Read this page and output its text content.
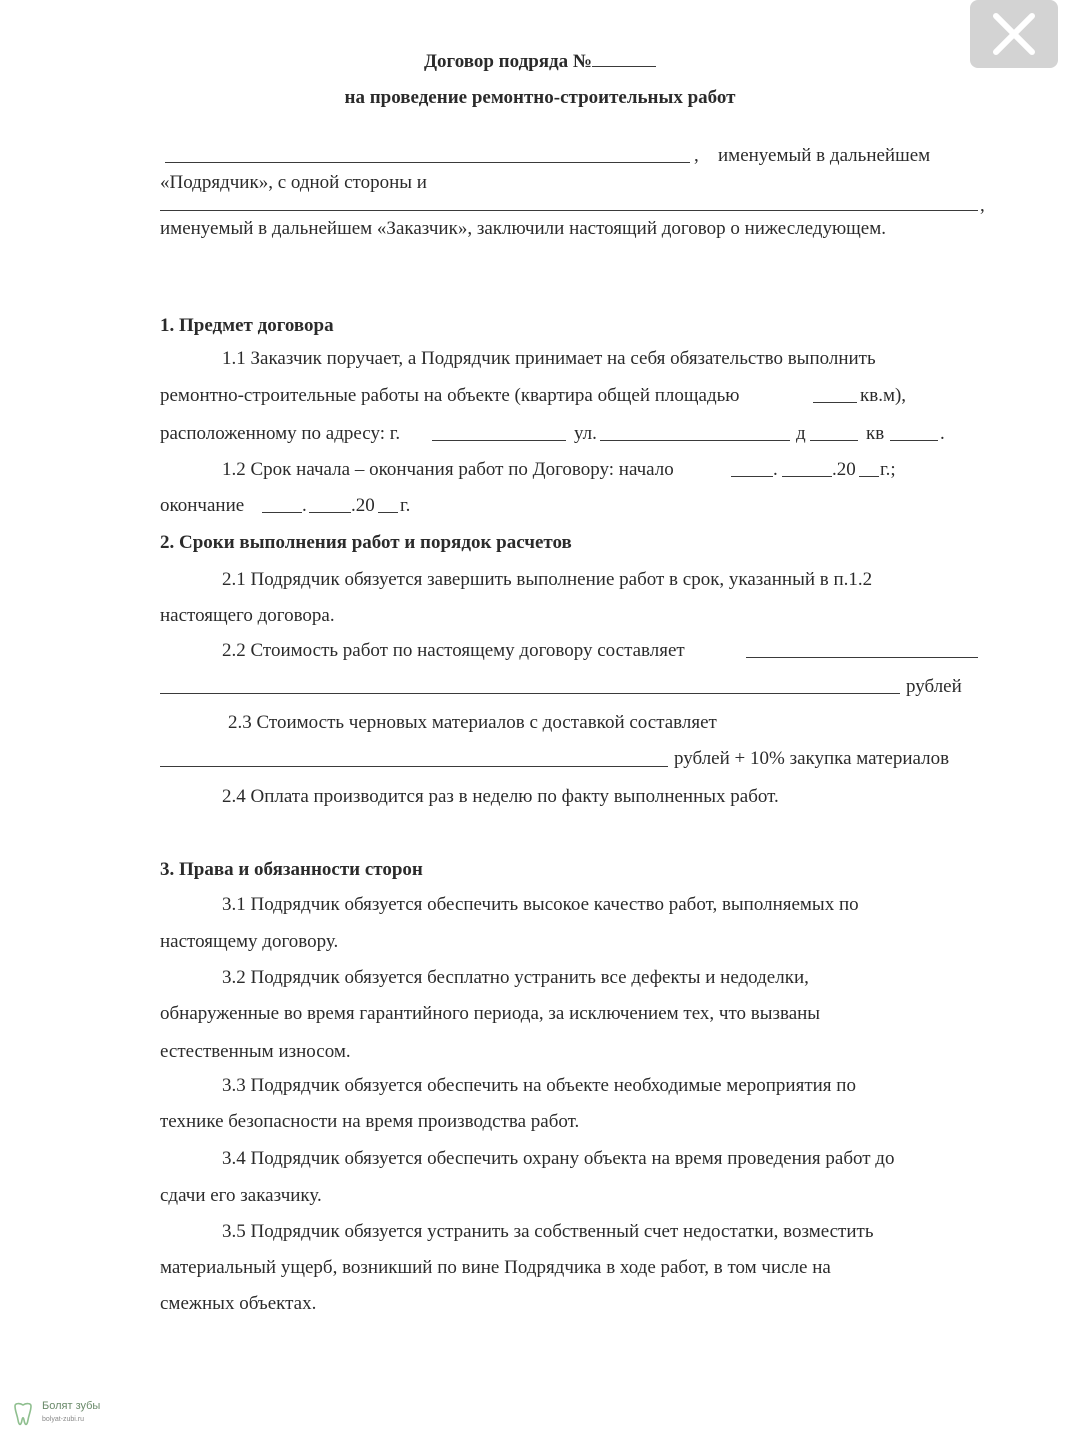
Договор подряда №
на проведение ремонтно-строительных работ
, именуемый в дальнейшем
«Подрядчик», с одной стороны и
,
именуемый в дальнейшем «Заказчик», заключили настоящий договор о нижеследующем.
1. Предмет договора
1.1 Заказчик поручает, а Подрядчик принимает на себя обязательство выполнить
ремонтно-строительные работы на объекте (квартира общей площадью	кв.м),
расположенному по адресу: г.	ул.	д	кв	.
1.2 Срок начала – окончания работ по Договору: начало	.	.20 г.;
окончание	. .20 г.
2. Сроки выполнения работ и порядок расчетов
2.1 Подрядчик обязуется завершить выполнение работ в срок, указанный в п.1.2
настоящего договора.
2.2 Стоимость работ по настоящему договору составляет
рублей
2.3 Стоимость черновых материалов с доставкой составляет
рублей + 10% закупка материалов
2.4 Оплата производится раз в неделю по факту выполненных работ.
3. Права и обязанности сторон
3.1 Подрядчик обязуется обеспечить высокое качество работ, выполняемых по
настоящему договору.
3.2 Подрядчик обязуется бесплатно устранить все дефекты и недоделки,
обнаруженные во время гарантийного периода, за исключением тех, что вызваны
естественным износом.
3.3 Подрядчик обязуется обеспечить на объекте необходимые мероприятия по
технике безопасности на время производства работ.
3.4 Подрядчик обязуется обеспечить охрану объекта на время проведения работ до
сдачи его заказчику.
3.5 Подрядчик обязуется устранить за собственный счет недостатки, возместить
материальный ущерб, возникший по вине Подрядчика в ходе работ, в том числе на
смежных объектах.
Болят зубы
bolyat-zubi.ru
